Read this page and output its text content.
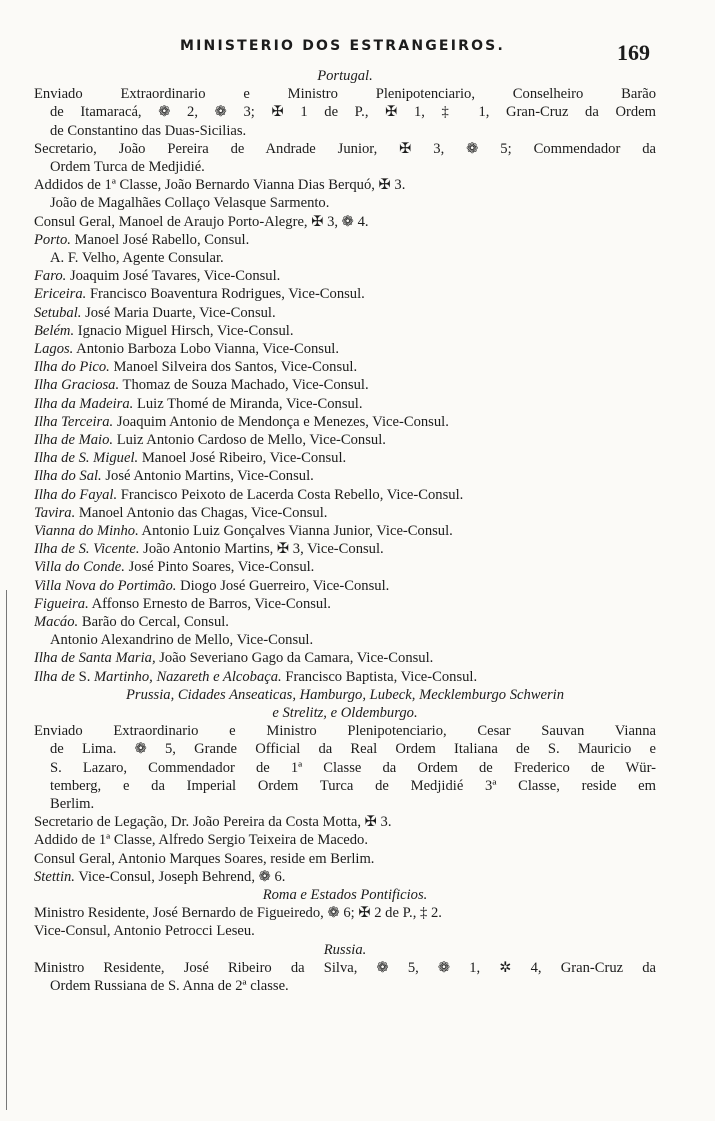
MINISTERIO DOS ESTRANGEIROS.	169
Portugal.
Enviado Extraordinario e Ministro Plenipotenciario, Conselheiro Barão
de Itamaracá, ❁ 2, ❁ 3; ✠ 1 de P., ✠ 1, ‡ 1, Gran-Cruz da Ordem
de Constantino das Duas-Sicilias.
Secretario, João Pereira de Andrade Junior, ✠ 3, ❁ 5; Commendador da
Ordem Turca de Medjidié.
Addidos de 1ª Classe, João Bernardo Vianna Dias Berquó, ✠ 3.
João de Magalhães Collaço Velasque Sarmento.
Consul Geral, Manoel de Araujo Porto-Alegre, ✠ 3, ❁ 4.
Porto. Manoel José Rabello, Consul.
A. F. Velho, Agente Consular.
Faro. Joaquim José Tavares, Vice-Consul.
Ericeira. Francisco Boaventura Rodrigues, Vice-Consul.
Setubal. José Maria Duarte, Vice-Consul.
Belém. Ignacio Miguel Hirsch, Vice-Consul.
Lagos. Antonio Barboza Lobo Vianna, Vice-Consul.
Ilha do Pico. Manoel Silveira dos Santos, Vice-Consul.
Ilha Graciosa. Thomaz de Souza Machado, Vice-Consul.
Ilha da Madeira. Luiz Thomé de Miranda, Vice-Consul.
Ilha Terceira. Joaquim Antonio de Mendonça e Menezes, Vice-Consul.
Ilha de Maio. Luiz Antonio Cardoso de Mello, Vice-Consul.
Ilha de S. Miguel. Manoel José Ribeiro, Vice-Consul.
Ilha do Sal. José Antonio Martins, Vice-Consul.
Ilha do Fayal. Francisco Peixoto de Lacerda Costa Rebello, Vice-Consul.
Tavira. Manoel Antonio das Chagas, Vice-Consul.
Vianna do Minho. Antonio Luiz Gonçalves Vianna Junior, Vice-Consul.
Ilha de S. Vicente. João Antonio Martins, ✠ 3, Vice-Consul.
Villa do Conde. José Pinto Soares, Vice-Consul.
Villa Nova do Portimão. Diogo José Guerreiro, Vice-Consul.
Figueira. Affonso Ernesto de Barros, Vice-Consul.
Macáo. Barão do Cercal, Consul.
Antonio Alexandrino de Mello, Vice-Consul.
Ilha de Santa Maria, João Severiano Gago da Camara, Vice-Consul.
Ilha de S. Martinho, Nazareth e Alcobaça. Francisco Baptista, Vice-Consul.
Prussia, Cidades Anseaticas, Hamburgo, Lubeck, Mecklemburgo Schwerin
e Strelitz, e Oldemburgo.
Enviado Extraordinario e Ministro Plenipotenciario, Cesar Sauvan Vianna
de Lima. ❁ 5, Grande Official da Real Ordem Italiana de S. Mauricio e
S. Lazaro, Commendador de 1ª Classe da Ordem de Frederico de Wür-
temberg, e da Imperial Ordem Turca de Medjidié 3ª Classe, reside em
Berlim.
Secretario de Legação, Dr. João Pereira da Costa Motta, ✠ 3.
Addido de 1ª Classe, Alfredo Sergio Teixeira de Macedo.
Consul Geral, Antonio Marques Soares, reside em Berlim.
Stettin. Vice-Consul, Joseph Behrend, ❁ 6.
Roma e Estados Pontificios.
Ministro Residente, José Bernardo de Figueiredo, ❁ 6; ✠ 2 de P., ‡ 2.
Vice-Consul, Antonio Petrocci Leseu.
Russia.
Ministro Residente, José Ribeiro da Silva, ❁ 5, ❁ 1, ✲ 4, Gran-Cruz da
Ordem Russiana de S. Anna de 2ª classe.
